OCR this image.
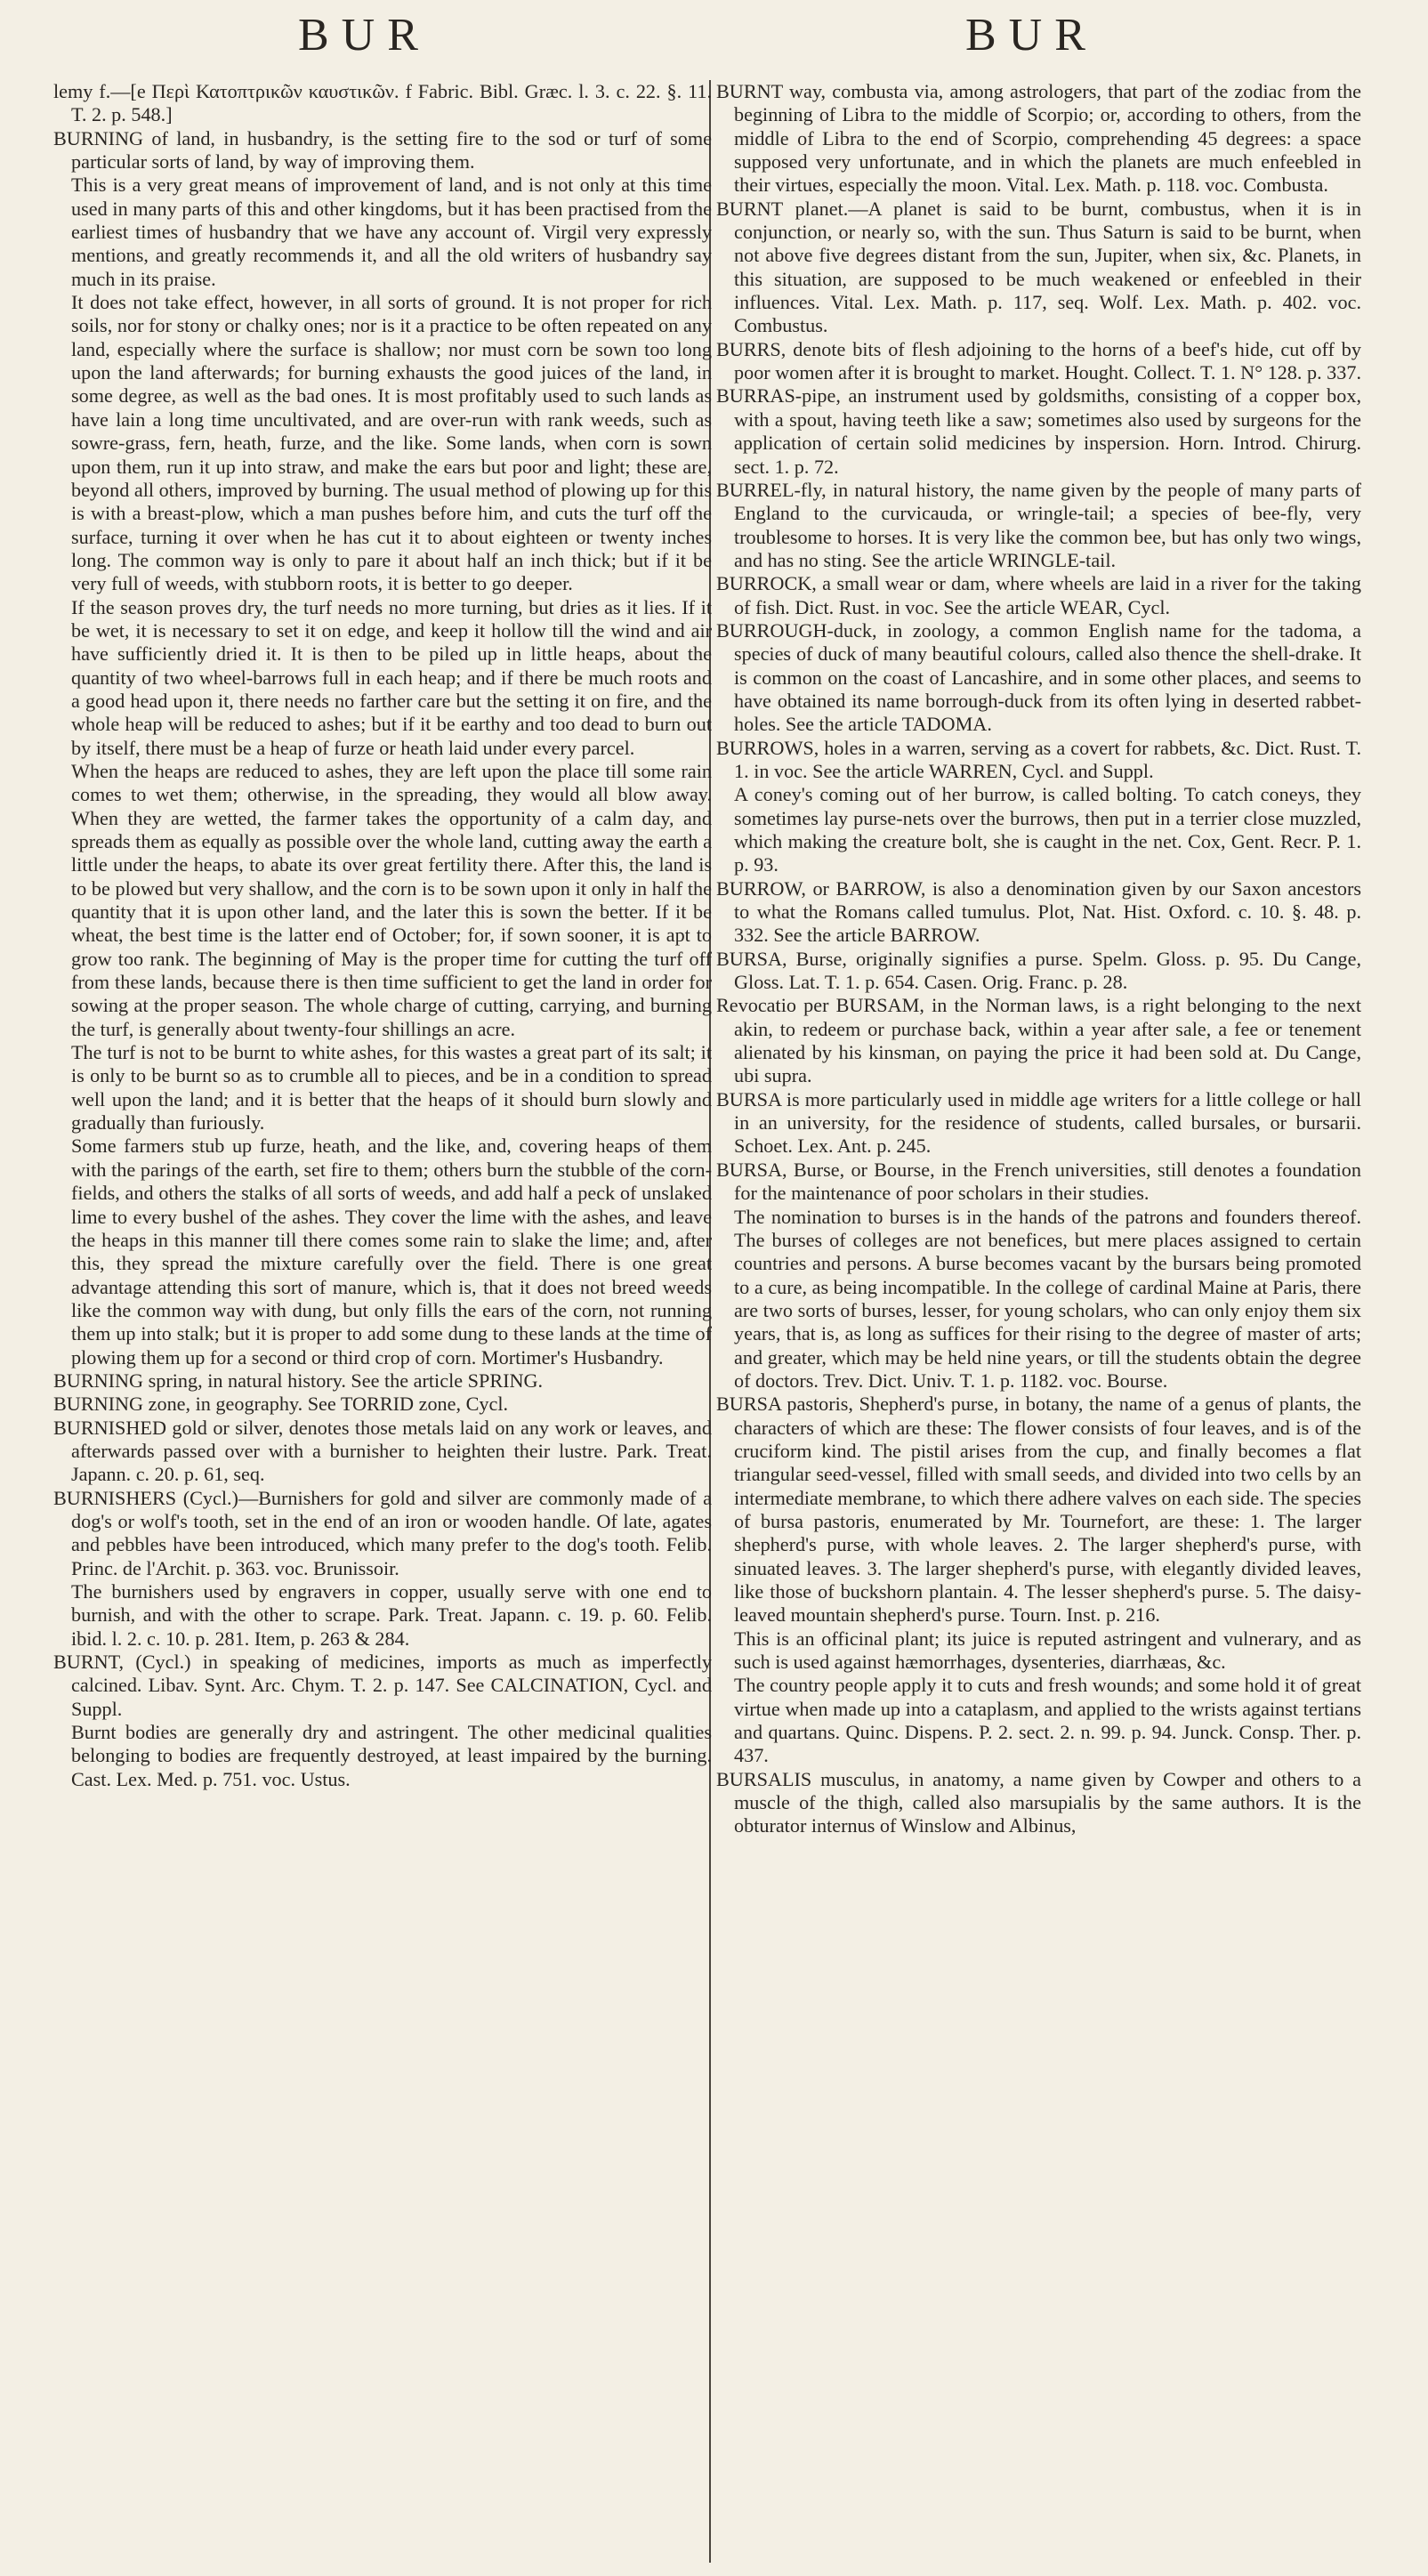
BUR	BUR

lemy f.—[e Περὶ Κατοπτρικῶν καυστικῶν. f Fabric. Bibl. Græc. l. 3. c. 22. §. 11. T. 2. p. 548.]

BURNING of land, in husbandry, is the setting fire to the sod or turf of some particular sorts of land, by way of improving them.

This is a very great means of improvement of land, and is not only at this time used in many parts of this and other kingdoms, but it has been practised from the earliest times of husbandry that we have any account of. Virgil very expressly mentions, and greatly recommends it, and all the old writers of husbandry say much in its praise.

It does not take effect, however, in all sorts of ground. It is not proper for rich soils, nor for stony or chalky ones; nor is it a practice to be often repeated on any land, especially where the surface is shallow; nor must corn be sown too long upon the land afterwards; for burning exhausts the good juices of the land, in some degree, as well as the bad ones. It is most profitably used to such lands as have lain a long time uncultivated, and are over-run with rank weeds, such as sowre-grass, fern, heath, furze, and the like. Some lands, when corn is sown upon them, run it up into straw, and make the ears but poor and light; these are, beyond all others, improved by burning. The usual method of plowing up for this is with a breast-plow, which a man pushes before him, and cuts the turf off the surface, turning it over when he has cut it to about eighteen or twenty inches long. The common way is only to pare it about half an inch thick; but if it be very full of weeds, with stubborn roots, it is better to go deeper.

If the season proves dry, the turf needs no more turning, but dries as it lies. If it be wet, it is necessary to set it on edge, and keep it hollow till the wind and air have sufficiently dried it. It is then to be piled up in little heaps, about the quantity of two wheel-barrows full in each heap; and if there be much roots and a good head upon it, there needs no farther care but the setting it on fire, and the whole heap will be reduced to ashes; but if it be earthy and too dead to burn out by itself, there must be a heap of furze or heath laid under every parcel.

When the heaps are reduced to ashes, they are left upon the place till some rain comes to wet them; otherwise, in the spreading, they would all blow away. When they are wetted, the farmer takes the opportunity of a calm day, and spreads them as equally as possible over the whole land, cutting away the earth a little under the heaps, to abate its over great fertility there. After this, the land is to be plowed but very shallow, and the corn is to be sown upon it only in half the quantity that it is upon other land, and the later this is sown the better. If it be wheat, the best time is the latter end of October; for, if sown sooner, it is apt to grow too rank. The beginning of May is the proper time for cutting the turf off from these lands, because there is then time sufficient to get the land in order for sowing at the proper season. The whole charge of cutting, carrying, and burning the turf, is generally about twenty-four shillings an acre.

The turf is not to be burnt to white ashes, for this wastes a great part of its salt; it is only to be burnt so as to crumble all to pieces, and be in a condition to spread well upon the land; and it is better that the heaps of it should burn slowly and gradually than furiously.

Some farmers stub up furze, heath, and the like, and, covering heaps of them with the parings of the earth, set fire to them; others burn the stubble of the corn-fields, and others the stalks of all sorts of weeds, and add half a peck of unslaked lime to every bushel of the ashes. They cover the lime with the ashes, and leave the heaps in this manner till there comes some rain to slake the lime; and, after this, they spread the mixture carefully over the field. There is one great advantage attending this sort of manure, which is, that it does not breed weeds like the common way with dung, but only fills the ears of the corn, not running them up into stalk; but it is proper to add some dung to these lands at the time of plowing them up for a second or third crop of corn. Mortimer's Husbandry.

BURNING spring, in natural history. See the article SPRING.

BURNING zone, in geography. See TORRID zone, Cycl.

BURNISHED gold or silver, denotes those metals laid on any work or leaves, and afterwards passed over with a burnisher to heighten their lustre. Park. Treat. Japann. c. 20. p. 61, seq.

BURNISHERS (Cycl.)—Burnishers for gold and silver are commonly made of a dog's or wolf's tooth, set in the end of an iron or wooden handle. Of late, agates and pebbles have been introduced, which many prefer to the dog's tooth. Felib. Princ. de l'Archit. p. 363. voc. Brunissoir.

The burnishers used by engravers in copper, usually serve with one end to burnish, and with the other to scrape. Park. Treat. Japann. c. 19. p. 60. Felib. ibid. l. 2. c. 10. p. 281. Item, p. 263 & 284.

BURNT, (Cycl.) in speaking of medicines, imports as much as imperfectly calcined. Libav. Synt. Arc. Chym. T. 2. p. 147. See CALCINATION, Cycl. and Suppl.

Burnt bodies are generally dry and astringent. The other medicinal qualities belonging to bodies are frequently destroyed, at least impaired by the burning. Cast. Lex. Med. p. 751. voc. Ustus.

BURNT way, combusta via, among astrologers, that part of the zodiac from the beginning of Libra to the middle of Scorpio; or, according to others, from the middle of Libra to the end of Scorpio, comprehending 45 degrees: a space supposed very unfortunate, and in which the planets are much enfeebled in their virtues, especially the moon. Vital. Lex. Math. p. 118. voc. Combusta.

BURNT planet.—A planet is said to be burnt, combustus, when it is in conjunction, or nearly so, with the sun. Thus Saturn is said to be burnt, when not above five degrees distant from the sun, Jupiter, when six, &c. Planets, in this situation, are supposed to be much weakened or enfeebled in their influences. Vital. Lex. Math. p. 117, seq. Wolf. Lex. Math. p. 402. voc. Combustus.

BURRS, denote bits of flesh adjoining to the horns of a beef's hide, cut off by poor women after it is brought to market. Hought. Collect. T. 1. N° 128. p. 337.

BURRAS-pipe, an instrument used by goldsmiths, consisting of a copper box, with a spout, having teeth like a saw; sometimes also used by surgeons for the application of certain solid medicines by inspersion. Horn. Introd. Chirurg. sect. 1. p. 72.

BURREL-fly, in natural history, the name given by the people of many parts of England to the curvicauda, or wringle-tail; a species of bee-fly, very troublesome to horses. It is very like the common bee, but has only two wings, and has no sting. See the article WRINGLE-tail.

BURROCK, a small wear or dam, where wheels are laid in a river for the taking of fish. Dict. Rust. in voc. See the article WEAR, Cycl.

BURROUGH-duck, in zoology, a common English name for the tadoma, a species of duck of many beautiful colours, called also thence the shell-drake. It is common on the coast of Lancashire, and in some other places, and seems to have obtained its name borrough-duck from its often lying in deserted rabbet-holes. See the article TADOMA.

BURROWS, holes in a warren, serving as a covert for rabbets, &c. Dict. Rust. T. 1. in voc. See the article WARREN, Cycl. and Suppl.

A coney's coming out of her burrow, is called bolting. To catch coneys, they sometimes lay purse-nets over the burrows, then put in a terrier close muzzled, which making the creature bolt, she is caught in the net. Cox, Gent. Recr. P. 1. p. 93.

BURROW, or BARROW, is also a denomination given by our Saxon ancestors to what the Romans called tumulus. Plot, Nat. Hist. Oxford. c. 10. §. 48. p. 332. See the article BARROW.

BURSA, Burse, originally signifies a purse. Spelm. Gloss. p. 95. Du Cange, Gloss. Lat. T. 1. p. 654. Casen. Orig. Franc. p. 28.

Revocatio per BURSAM, in the Norman laws, is a right belonging to the next akin, to redeem or purchase back, within a year after sale, a fee or tenement alienated by his kinsman, on paying the price it had been sold at. Du Cange, ubi supra.

BURSA is more particularly used in middle age writers for a little college or hall in an university, for the residence of students, called bursales, or bursarii. Schoet. Lex. Ant. p. 245.

BURSA, Burse, or Bourse, in the French universities, still denotes a foundation for the maintenance of poor scholars in their studies.

The nomination to burses is in the hands of the patrons and founders thereof. The burses of colleges are not benefices, but mere places assigned to certain countries and persons. A burse becomes vacant by the bursars being promoted to a cure, as being incompatible. In the college of cardinal Maine at Paris, there are two sorts of burses, lesser, for young scholars, who can only enjoy them six years, that is, as long as suffices for their rising to the degree of master of arts; and greater, which may be held nine years, or till the students obtain the degree of doctors. Trev. Dict. Univ. T. 1. p. 1182. voc. Bourse.

BURSA pastoris, Shepherd's purse, in botany, the name of a genus of plants, the characters of which are these: The flower consists of four leaves, and is of the cruciform kind. The pistil arises from the cup, and finally becomes a flat triangular seed-vessel, filled with small seeds, and divided into two cells by an intermediate membrane, to which there adhere valves on each side. The species of bursa pastoris, enumerated by Mr. Tournefort, are these: 1. The larger shepherd's purse, with whole leaves. 2. The larger shepherd's purse, with sinuated leaves. 3. The larger shepherd's purse, with elegantly divided leaves, like those of buckshorn plantain. 4. The lesser shepherd's purse. 5. The daisy-leaved mountain shepherd's purse. Tourn. Inst. p. 216.

This is an officinal plant; its juice is reputed astringent and vulnerary, and as such is used against hæmorrhages, dysenteries, diarrhæas, &c.

The country people apply it to cuts and fresh wounds; and some hold it of great virtue when made up into a cataplasm, and applied to the wrists against tertians and quartans. Quinc. Dispens. P. 2. sect. 2. n. 99. p. 94. Junck. Consp. Ther. p. 437.

BURSALIS musculus, in anatomy, a name given by Cowper and others to a muscle of the thigh, called also marsupialis by the same authors. It is the obturator internus of Winslow and Albinus,
